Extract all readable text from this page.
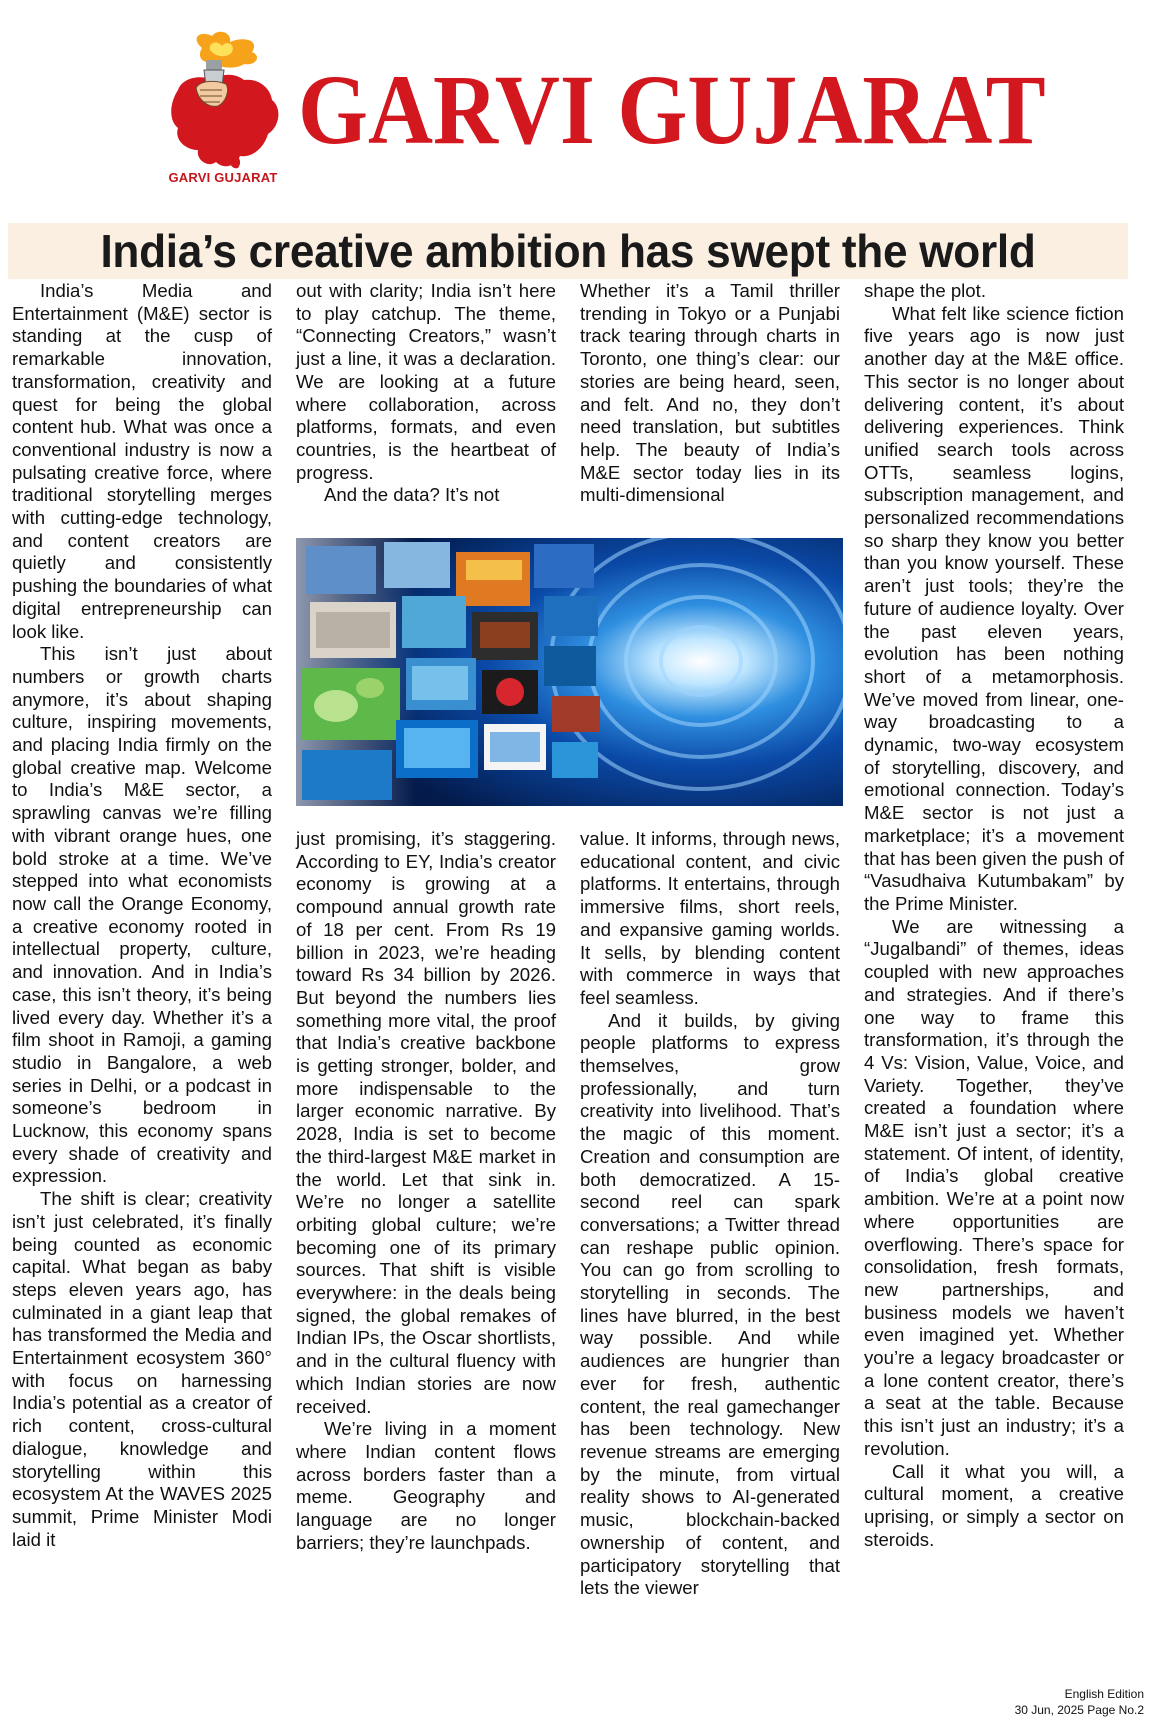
GARVI GUJARAT
GARVI GUJARAT
India’s creative ambition has swept the world

India’s Media and Entertainment (M&E) sector is standing at the cusp of remarkable innovation, transformation, creativity and quest for being the global content hub. What was once a conventional industry is now a pulsating creative force, where traditional storytelling merges with cutting-edge technology, and content creators are quietly and consistently pushing the boundaries of what digital entrepreneurship can look like.

This isn’t just about numbers or growth charts anymore, it’s about shaping culture, inspiring movements, and placing India firmly on the global creative map. Welcome to India’s M&E sector, a sprawling canvas we’re filling with vibrant orange hues, one bold stroke at a time. We’ve stepped into what economists now call the Orange Economy, a creative economy rooted in intellectual property, culture, and innovation. And in India’s case, this isn’t theory, it’s being lived every day. Whether it’s a film shoot in Ramoji, a gaming studio in Bangalore, a web series in Delhi, or a podcast in someone’s bedroom in Lucknow, this economy spans every shade of creativity and expression.

The shift is clear; creativity isn’t just celebrated, it’s finally being counted as economic capital. What began as baby steps eleven years ago, has culminated in a giant leap that has transformed the Media and Entertainment ecosystem 360° with focus on harnessing India’s potential as a creator of rich content, cross-cultural dialogue, knowledge and storytelling within this ecosystem At the WAVES 2025 summit, Prime Minister Modi laid it

out with clarity; India isn’t here to play catchup. The theme, “Connecting Creators,” wasn’t just a line, it was a declaration. We are looking at a future where collaboration, across platforms, formats, and even countries, is the heartbeat of progress.

And the data? It’s not

Whether it’s a Tamil thriller trending in Tokyo or a Punjabi track tearing through charts in Toronto, one thing’s clear: our stories are being heard, seen, and felt. And no, they don’t need translation, but subtitles help. The beauty of India’s M&E sector today lies in its multi-dimensional

just promising, it’s staggering. According to EY, India’s creator economy is growing at a compound annual growth rate of 18 per cent. From Rs 19 billion in 2023, we’re heading toward Rs 34 billion by 2026. But beyond the numbers lies something more vital, the proof that India’s creative backbone is getting stronger, bolder, and more indispensable to the larger economic narrative. By 2028, India is set to become the third-largest M&E market in the world. Let that sink in. We’re no longer a satellite orbiting global culture; we’re becoming one of its primary sources. That shift is visible everywhere: in the deals being signed, the global remakes of Indian IPs, the Oscar shortlists, and in the cultural fluency with which Indian stories are now received.

We’re living in a moment where Indian content flows across borders faster than a meme. Geography and language are no longer barriers; they’re launchpads.

value. It informs, through news, educational content, and civic platforms. It entertains, through immersive films, short reels, and expansive gaming worlds. It sells, by blending content with commerce in ways that feel seamless.

And it builds, by giving people platforms to express themselves, grow professionally, and turn creativity into livelihood. That’s the magic of this moment. Creation and consumption are both democratized. A 15-second reel can spark conversations; a Twitter thread can reshape public opinion. You can go from scrolling to storytelling in seconds. The lines have blurred, in the best way possible. And while audiences are hungrier than ever for fresh, authentic content, the real gamechanger has been technology. New revenue streams are emerging by the minute, from virtual reality shows to AI-generated music, blockchain-backed ownership of content, and participatory storytelling that lets the viewer

shape the plot.

What felt like science fiction five years ago is now just another day at the M&E office. This sector is no longer about delivering content, it’s about delivering experiences. Think unified search tools across OTTs, seamless logins, subscription management, and personalized recommendations so sharp they know you better than you know yourself. These aren’t just tools; they’re the future of audience loyalty. Over the past eleven years, evolution has been nothing short of a metamorphosis. We’ve moved from linear, one-way broadcasting to a dynamic, two-way ecosystem of storytelling, discovery, and emotional connection. Today’s M&E sector is not just a marketplace; it’s a movement that has been given the push of “Vasudhaiva Kutumbakam” by the Prime Minister.

We are witnessing a “Jugalbandi” of themes, ideas coupled with new approaches and strategies. And if there’s one way to frame this transformation, it’s through the 4 Vs: Vision, Value, Voice, and Variety. Together, they’ve created a foundation where M&E isn’t just a sector; it’s a statement. Of intent, of identity, of India’s global creative ambition. We’re at a point now where opportunities are overflowing. There’s space for consolidation, fresh formats, new partnerships, and business models we haven’t even imagined yet. Whether you’re a legacy broadcaster or a lone content creator, there’s a seat at the table. Because this isn’t just an industry; it’s a revolution.

Call it what you will, a cultural moment, a creative uprising, or simply a sector on steroids.

English Edition
30 Jun, 2025 Page No.2
